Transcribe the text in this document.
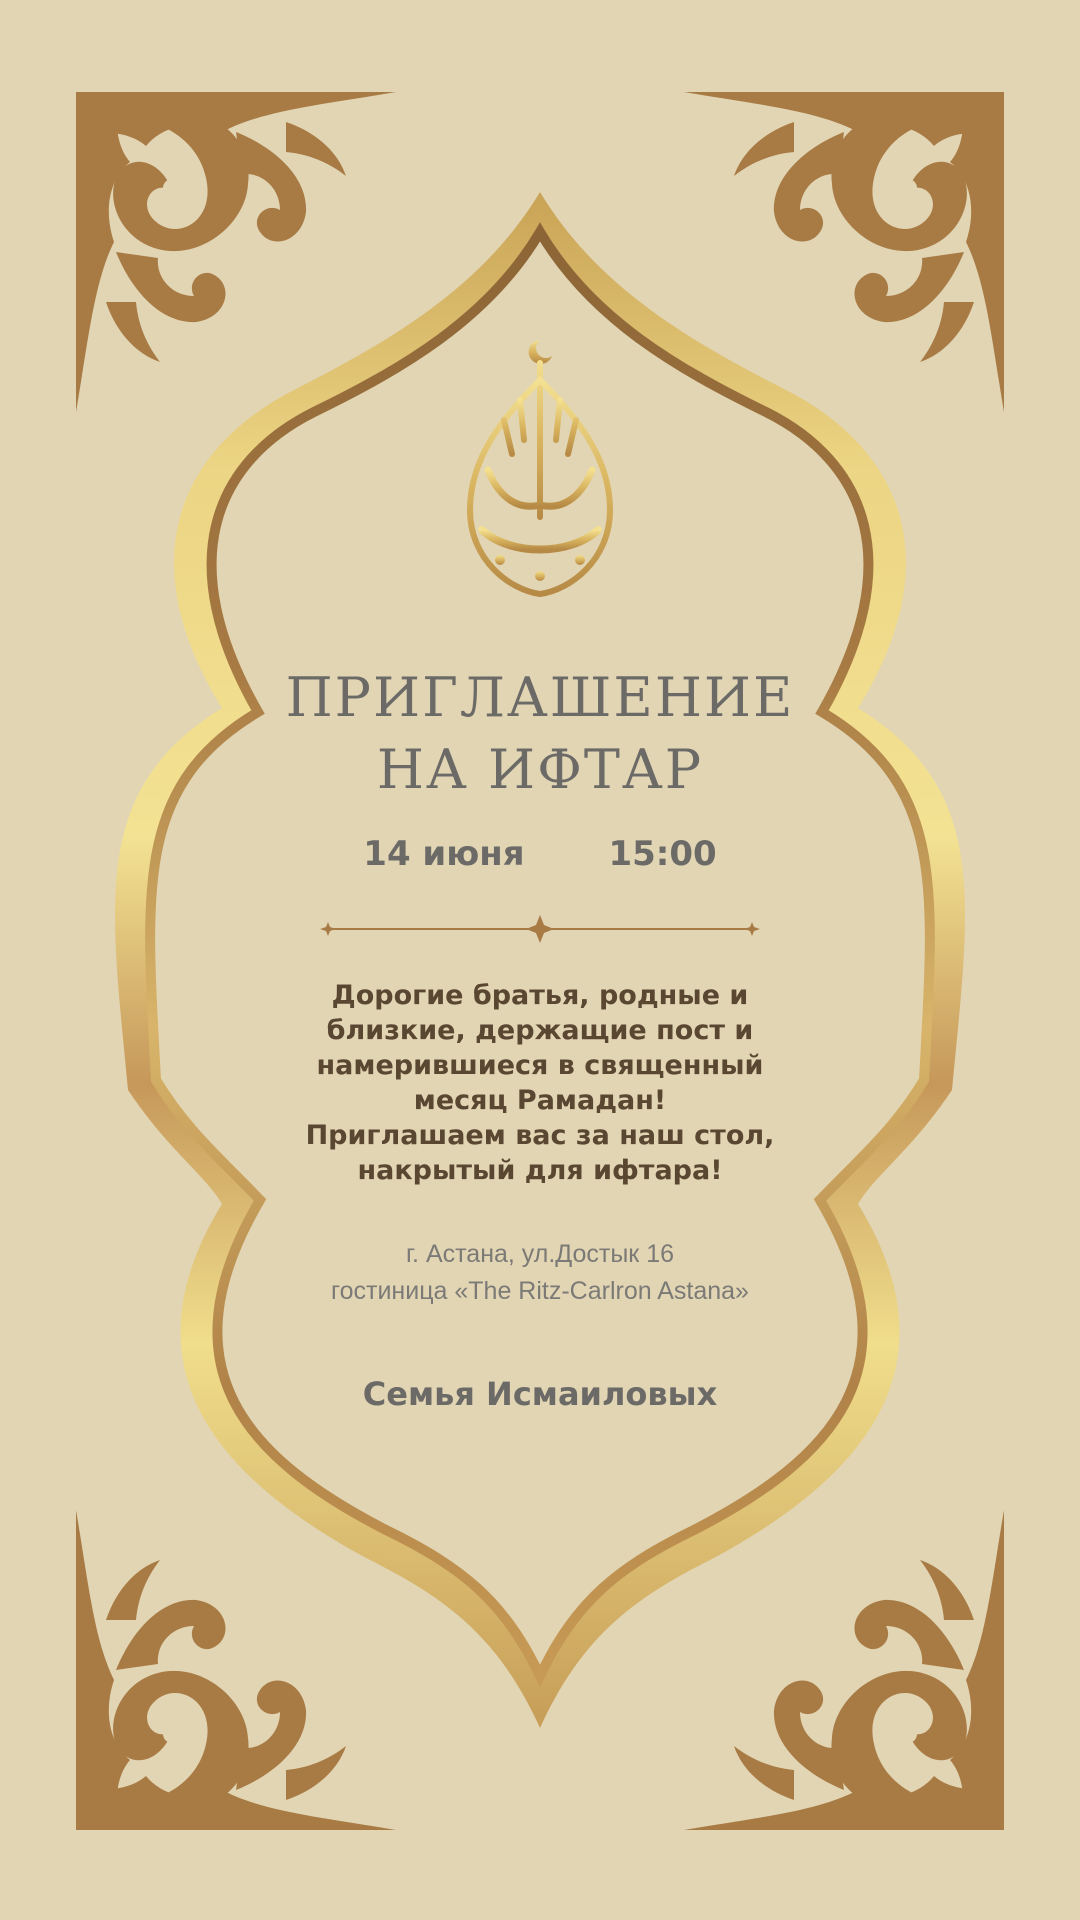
ПРИГЛАШЕНИЕ
НА ИФТАР
14 июня 15:00
Дорогие братья, родные и
близкие, держащие пост и
намерившиеся в священный
месяц Рамадан!
Приглашаем вас за наш стол,
накрытый для ифтара!
г. Астана, ул.Достык 16
гостиница «The Ritz-Carlron Astana»
Семья Исмаиловых
